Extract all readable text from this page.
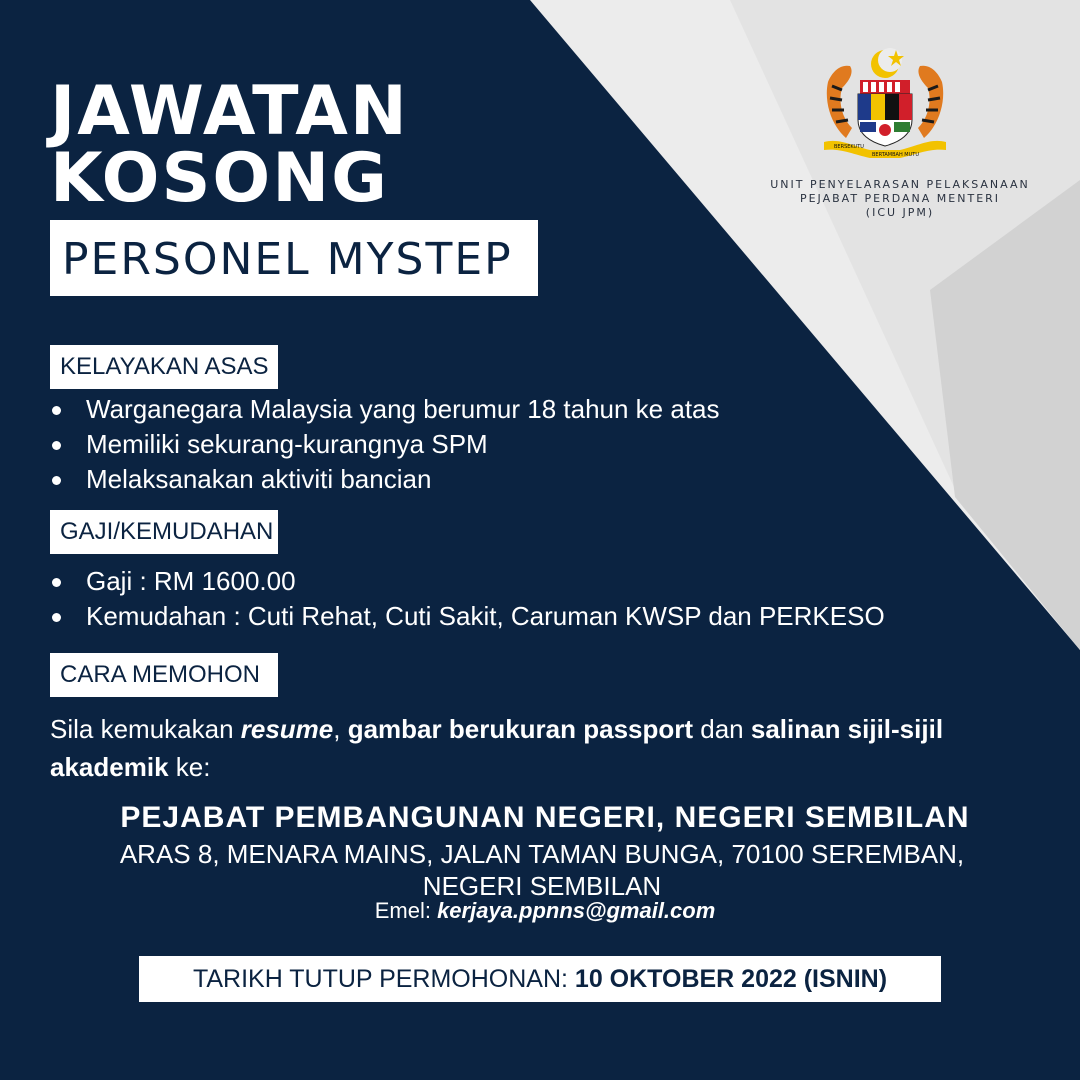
JAWATAN
KOSONG
PERSONEL MYSTEP
BERSEKUTU
BERTAMBAH MUTU
UNIT PENYELARASAN PELAKSANAAN
PEJABAT PERDANA MENTERI
(ICU JPM)
KELAYAKAN ASAS
Warganegara Malaysia yang berumur 18 tahun ke atas
Memiliki sekurang-kurangnya SPM
Melaksanakan aktiviti bancian
GAJI/KEMUDAHAN
Gaji : RM 1600.00
Kemudahan : Cuti Rehat, Cuti Sakit, Caruman KWSP dan PERKESO
CARA MEMOHON
Sila kemukakan resume, gambar berukuran passport dan salinan sijil-sijil akademik ke:
PEJABAT PEMBANGUNAN NEGERI, NEGERI SEMBILAN
ARAS 8, MENARA MAINS, JALAN TAMAN BUNGA, 70100 SEREMBAN,
NEGERI SEMBILAN
Emel: kerjaya.ppnns@gmail.com
TARIKH TUTUP PERMOHONAN: 10 OKTOBER 2022 (ISNIN)
